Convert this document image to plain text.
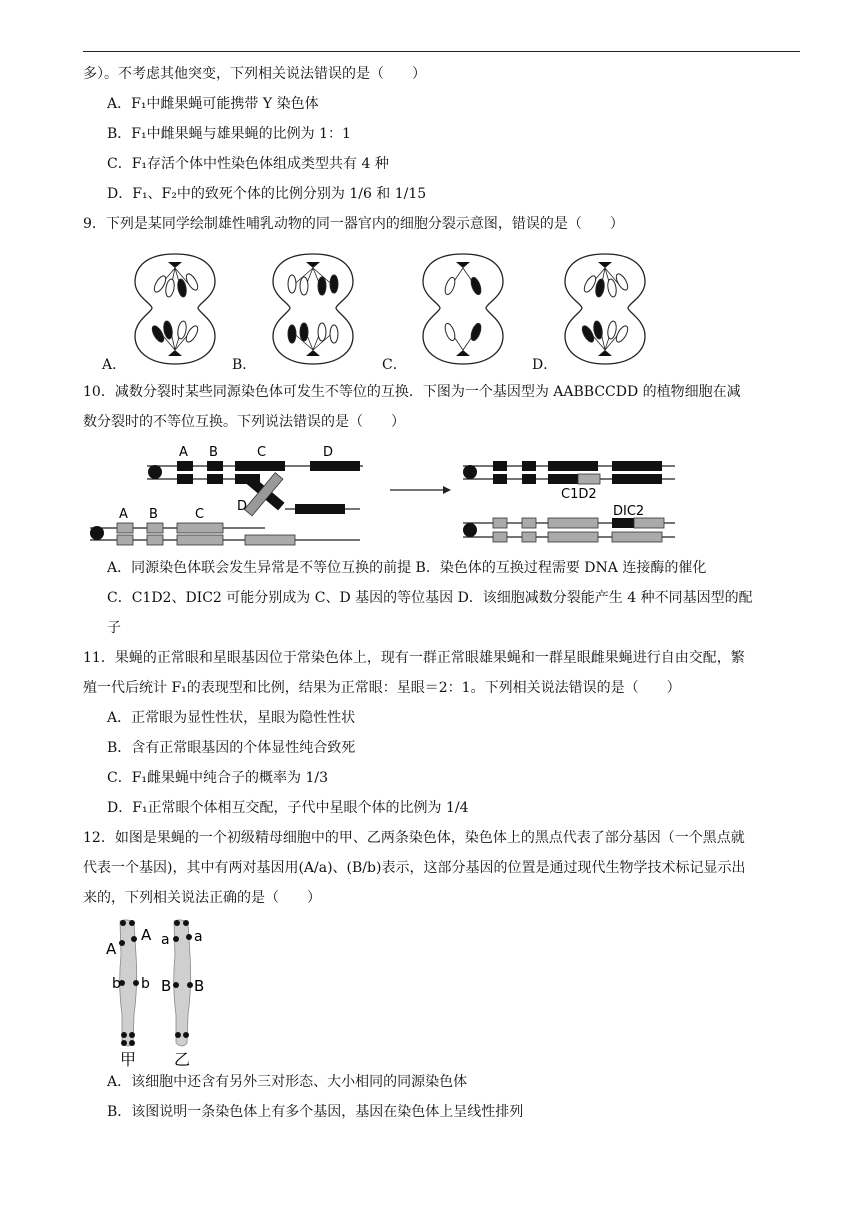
多）。不考虑其他突变，下列相关说法错误的是（　　）
A．F₁中雌果蝇可能携带 Y 染色体
B．F₁中雌果蝇与雄果蝇的比例为 1：1
C．F₁存活个体中性染色体组成类型共有 4 种
D．F₁、F₂中的致死个体的比例分别为 1/6 和 1/15
9．下列是某同学绘制雄性哺乳动物的同一器官内的细胞分裂示意图，错误的是（　　）
A．	B．	C．	D．
10．减数分裂时某些同源染色体可发生不等位的互换．下图为一个基因型为 AABBCCDD 的植物细胞在减
数分裂时的不等位互换。下列说法错误的是（　　）
A B	C	D
A B	C
D
C1D2
DIC2
A．同源染色体联会发生异常是不等位互换的前提 B．染色体的互换过程需要 DNA 连接酶的催化
C．C1D2、DIC2 可能分别成为 C、D 基因的等位基因 D．该细胞减数分裂能产生 4 种不同基因型的配
子
11．果蝇的正常眼和星眼基因位于常染色体上，现有一群正常眼雄果蝇和一群星眼雌果蝇进行自由交配，繁
殖一代后统计 F₁的表现型和比例，结果为正常眼：星眼＝2：1。下列相关说法错误的是（　　）
A．正常眼为显性性状，星眼为隐性性状
B．含有正常眼基因的个体显性纯合致死
C．F₁雌果蝇中纯合子的概率为 1/3
D．F₁正常眼个体相互交配，子代中星眼个体的比例为 1/4
12．如图是果蝇的一个初级精母细胞中的甲、乙两条染色体，染色体上的黑点代表了部分基因（一个黑点就
代表一个基因)，其中有两对基因用(A/a)、(B/b)表示，这部分基因的位置是通过现代生物学技术标记显示出
来的，下列相关说法正确的是（　　）
A
A
b b
a a
B B
甲 乙
A．该细胞中还含有另外三对形态、大小相同的同源染色体
B．该图说明一条染色体上有多个基因，基因在染色体上呈线性排列
